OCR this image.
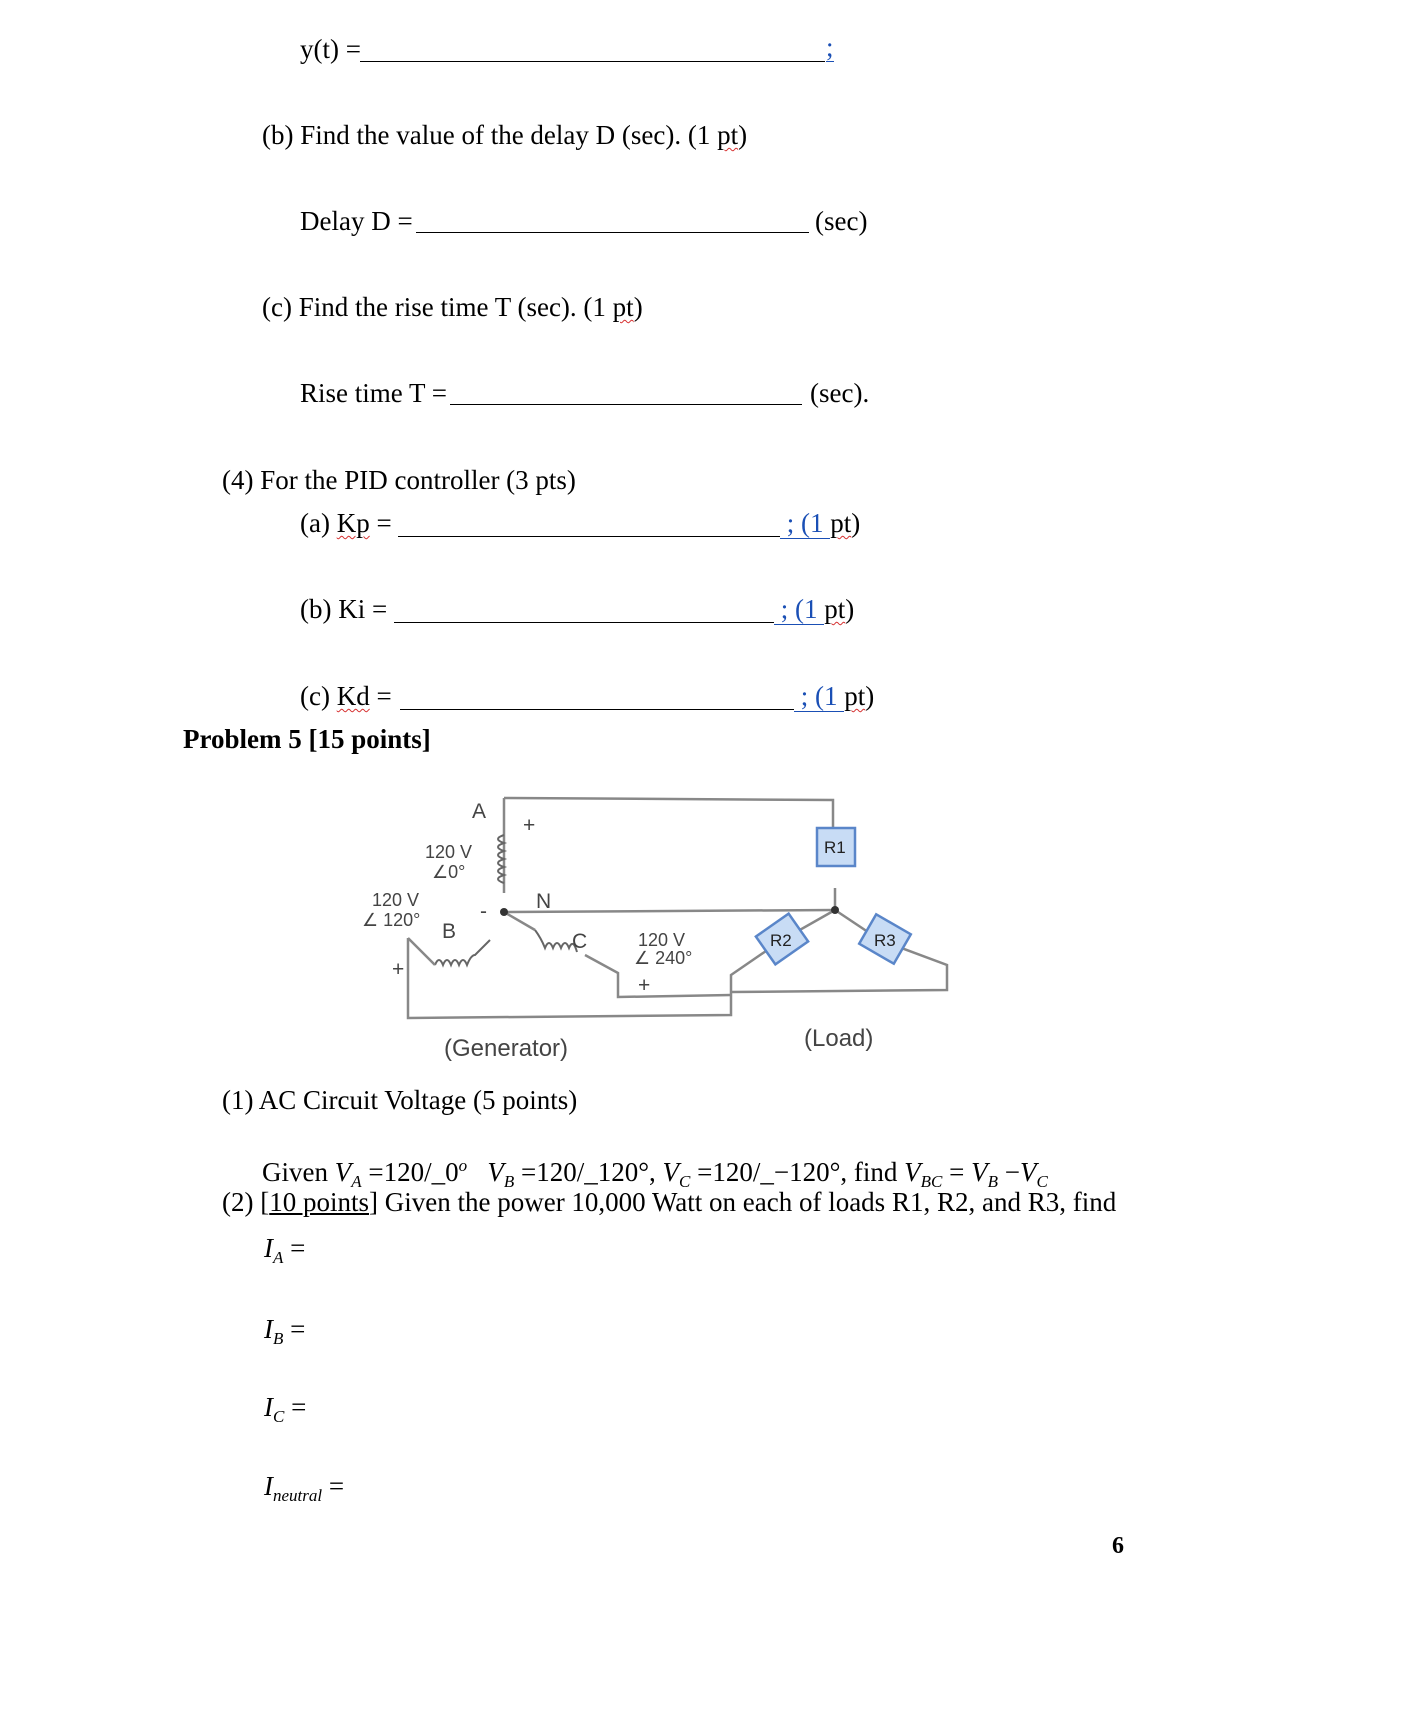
y(t) =	;
(b) Find the value of the delay D (sec). (1 pt)
Delay D =	(sec)
(c) Find the rise time T (sec). (1 pt)
Rise time T =	(sec).
(4) For the PID controller (3 pts)
(a) Kp =	; (1 pt)
(b) Ki =	; (1 pt)
(c) Kd =	; (1 pt)
Problem 5 [15 points]
A
+
N
-
B
+
C
+
(Generator)	(Load)
120 V
∠0°
120 V
∠ 120°
120 V
∠ 240°
R1
R2	R3
(1) AC Circuit Voltage (5 points)
Given $V_A$ $=120/\_0^o$ $V_B$ =120/_120°, $V_C$ =120/_−120°, find $V_{BC} = V_B -V_C$
(2) [10 points] Given the power 10,000 Watt on each of loads R1, R2, and R3, find
$I_A$ =
$I_B$ =
$I_C$ =
$I_{neutral}$ =
6
